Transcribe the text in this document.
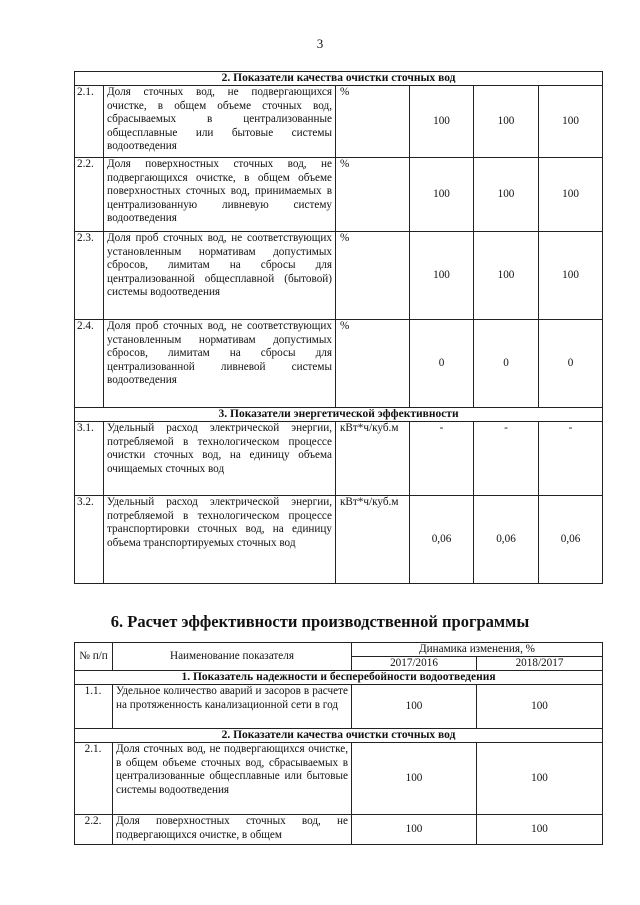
3
2. Показатели качества очистки сточных вод					
2.1.	Доля сточных вод, не подвергающихся очистке, в общем объеме сточных вод, сбрасываемых в централизованные общесплавные или бытовые системы водоотведения	%	100	100	100
2.2.	Доля поверхностных сточных вод, не подвергающихся очистке, в общем объеме поверхностных сточных вод, принимаемых в централизованную ливневую систему водоотведения	%	100	100	100
2.3.	Доля проб сточных вод, не соответствующих установленным нормативам допустимых сбросов, лимитам на сбросы для централизованной общесплавной (бытовой) системы водоотведения	%	100	100	100
2.4.	Доля проб сточных вод, не соответствующих установленным нормативам допустимых сбросов, лимитам на сбросы для централизованной ливневой системы водоотведения	%	0	0	0
3. Показатели энергетической эффективности					
3.1.	Удельный расход электрической энергии, потребляемой в технологическом процессе очистки сточных вод, на единицу объема очищаемых сточных вод	кВт*ч/куб.м	-	-	-
3.2.	Удельный расход электрической энергии, потребляемой в технологическом процессе транспортировки сточных вод, на единицу объема транспортируемых сточных вод	кВт*ч/куб.м	0,06	0,06	0,06
6. Расчет эффективности производственной программы
№ п/п	Наименование показателя	Динамика изменения, %	
		2017/2016	2018/2017
1. Показатель надежности и бесперебойности водоотведения			
1.1.	Удельное количество аварий и засоров в расчете на протяженность канализационной сети в год	100	100
2. Показатели качества очистки сточных вод			
2.1.	Доля сточных вод, не подвергающихся очистке, в общем объеме сточных вод, сбрасываемых в централизованные общесплавные или бытовые системы водоотведения	100	100
2.2.	Доля поверхностных сточных вод, не подвергающихся очистке, в общем	100	100
